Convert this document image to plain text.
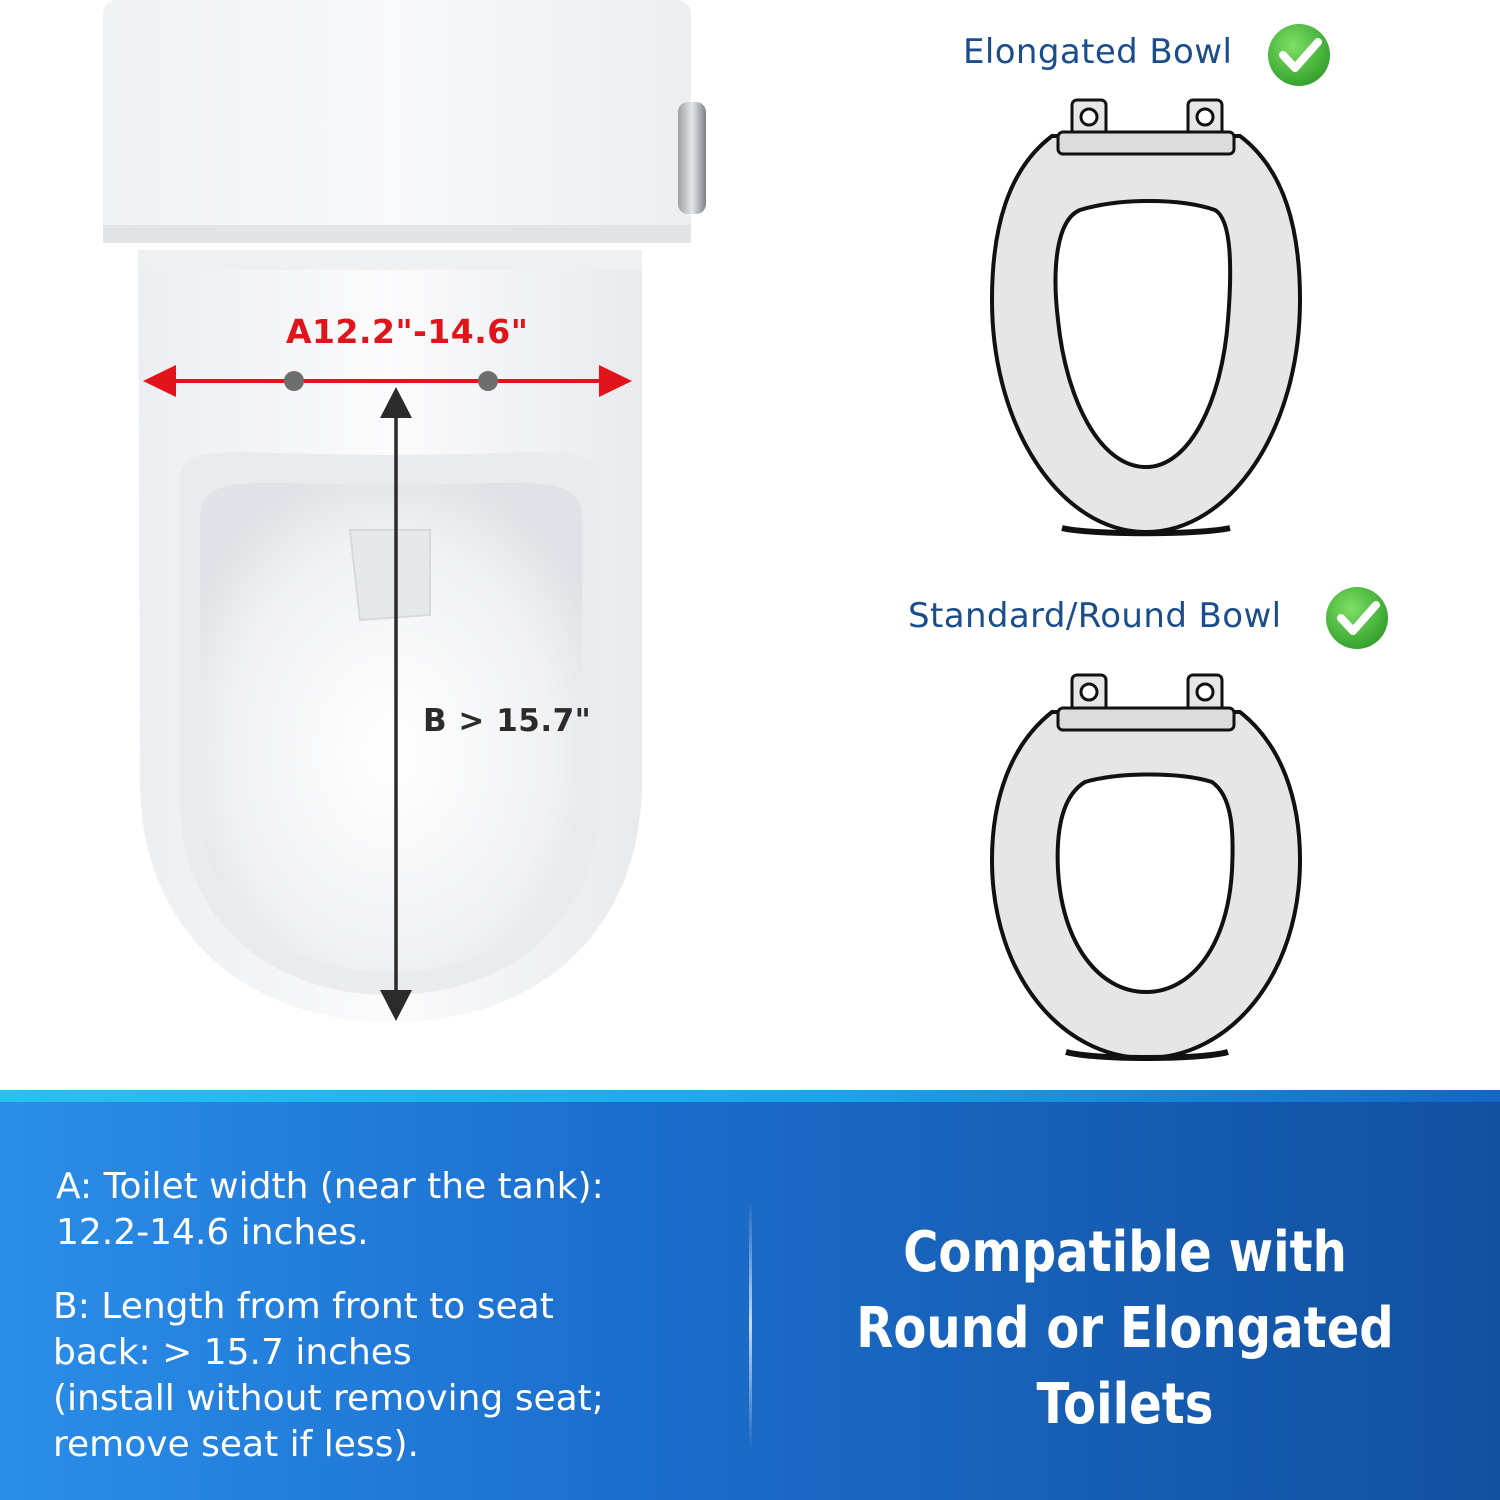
A12.2"-14.6"
B > 15.7"
Elongated Bowl
Standard/Round Bowl
A: Toilet width (near the tank):
12.2-14.6 inches.
B: Length from front to seat
back: > 15.7 inches
(install without removing seat;
remove seat if less).
Compatible with
Round or Elongated
Toilets
